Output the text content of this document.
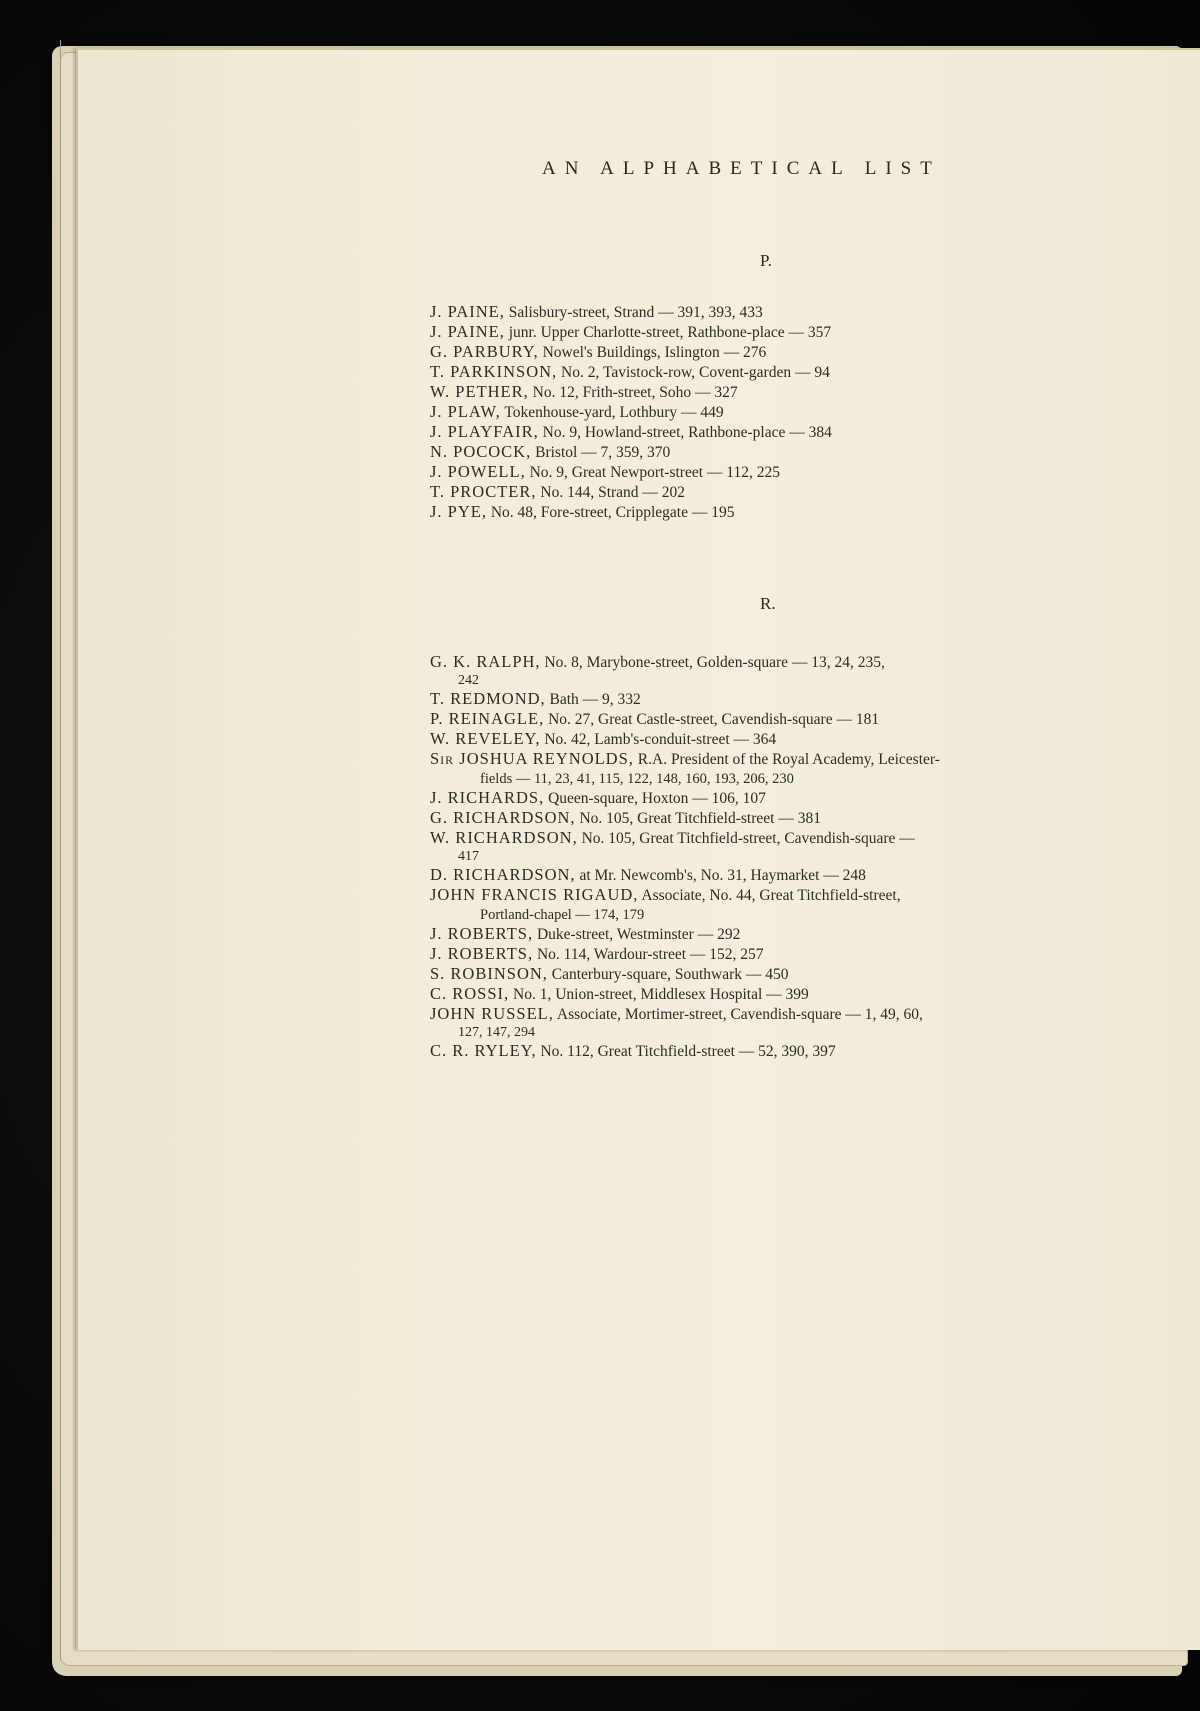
AN ALPHABETICAL LIST
P.
J. PAINE, Salisbury-street, Strand — 391, 393, 433
J. PAINE, junr. Upper Charlotte-street, Rathbone-place — 357
G. PARBURY, Nowel's Buildings, Islington — 276
T. PARKINSON, No. 2, Tavistock-row, Covent-garden — 94
W. PETHER, No. 12, Frith-street, Soho — 327
J. PLAW, Tokenhouse-yard, Lothbury — 449
J. PLAYFAIR, No. 9, Howland-street, Rathbone-place — 384
N. POCOCK, Bristol — 7, 359, 370
J. POWELL, No. 9, Great Newport-street — 112, 225
T. PROCTER, No. 144, Strand — 202
J. PYE, No. 48, Fore-street, Cripplegate — 195
R.
G. K. RALPH, No. 8, Marybone-street, Golden-square — 13, 24, 235,
242
T. REDMOND, Bath — 9, 332
P. REINAGLE, No. 27, Great Castle-street, Cavendish-square — 181
W. REVELEY, No. 42, Lamb's-conduit-street — 364
Sir JOSHUA REYNOLDS, R.A. President of the Royal Academy, Leicester-
fields — 11, 23, 41, 115, 122, 148, 160, 193, 206, 230
J. RICHARDS, Queen-square, Hoxton — 106, 107
G. RICHARDSON, No. 105, Great Titchfield-street — 381
W. RICHARDSON, No. 105, Great Titchfield-street, Cavendish-square —
417
D. RICHARDSON, at Mr. Newcomb's, No. 31, Haymarket — 248
JOHN FRANCIS RIGAUD, Associate, No. 44, Great Titchfield-street,
Portland-chapel — 174, 179
J. ROBERTS, Duke-street, Westminster — 292
J. ROBERTS, No. 114, Wardour-street — 152, 257
S. ROBINSON, Canterbury-square, Southwark — 450
C. ROSSI, No. 1, Union-street, Middlesex Hospital — 399
JOHN RUSSEL, Associate, Mortimer-street, Cavendish-square — 1, 49, 60,
127, 147, 294
C. R. RYLEY, No. 112, Great Titchfield-street — 52, 390, 397
